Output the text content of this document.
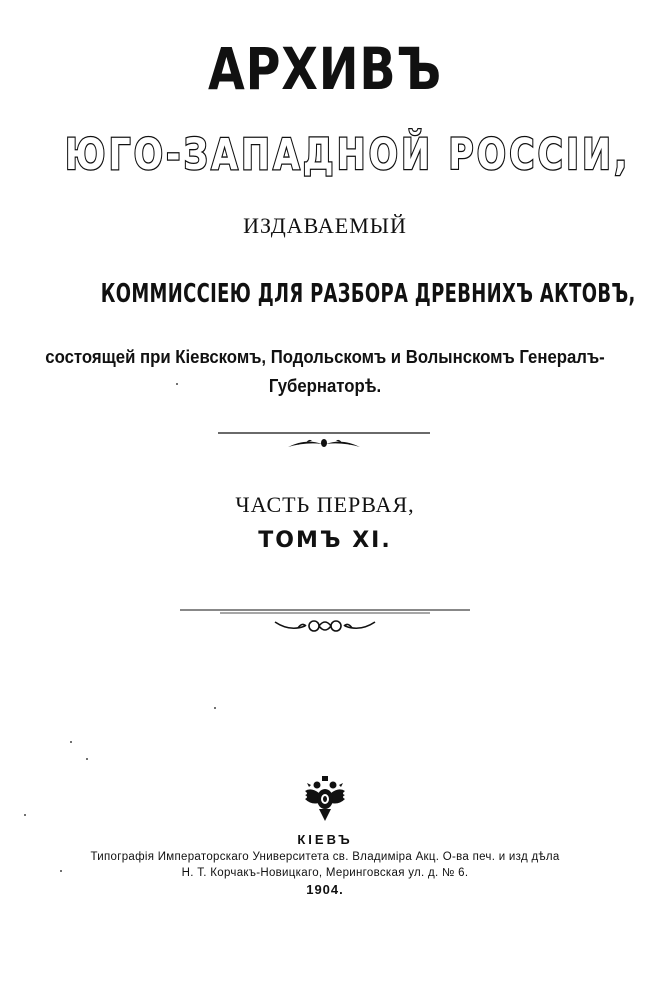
АРХИВЪ
ЮГО-ЗАПАДНОЙ РОССІИ,
ИЗДАВАЕМЫЙ
КОММИССІЕЮ ДЛЯ РАЗБОРА ДРЕВНИХЪ АКТОВЪ,
состоящей при Кіевскомъ, Подольскомъ и Волынскомъ Генералъ-
Губернаторѣ.
ЧАСТЬ ПЕРВАЯ,
ТОМЪ XI.
КІЕВЪ
Типографія Императорскаго Университета св. Владиміра Акц. О-ва печ. и изд дѣла
Н. Т. Корчакъ-Новицкаго, Меринговская ул. д. № 6.
1904.
